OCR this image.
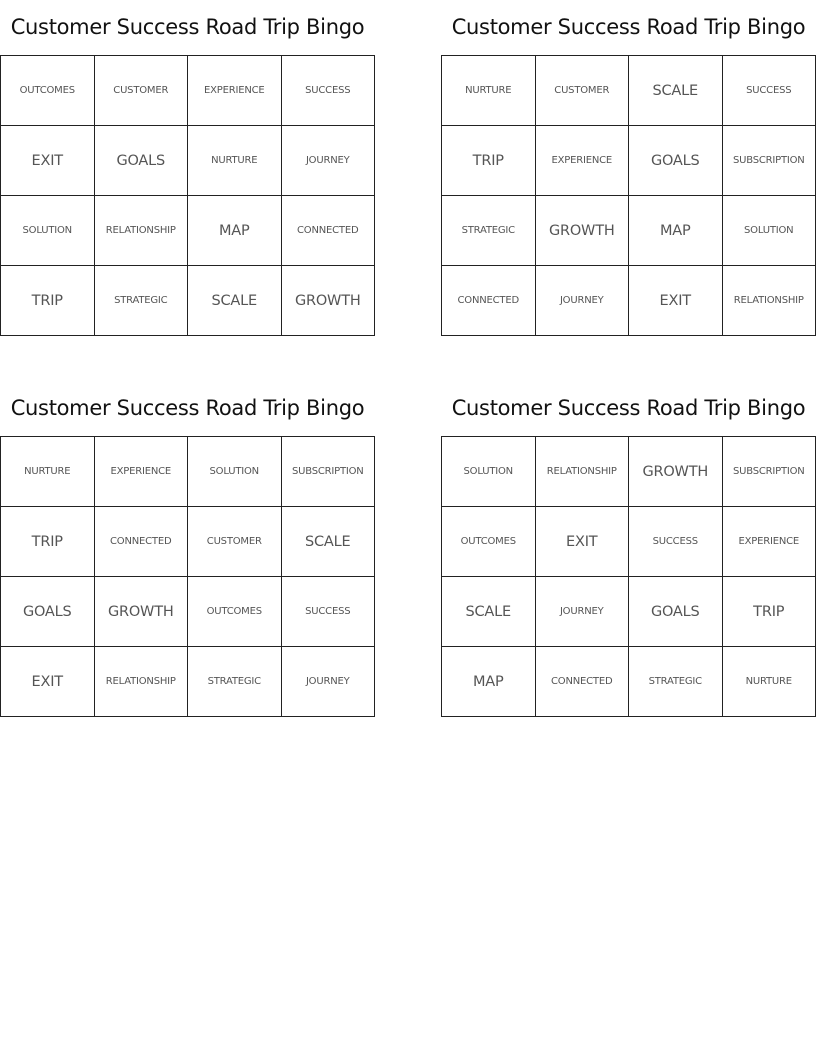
Customer Success Road Trip Bingo
OUTCOMES	CUSTOMER	EXPERIENCE	SUCCESS
EXIT	GOALS	NURTURE	JOURNEY
SOLUTION	RELATIONSHIP	MAP	CONNECTED
TRIP	STRATEGIC	SCALE	GROWTH
Customer Success Road Trip Bingo
NURTURE	CUSTOMER	SCALE	SUCCESS
TRIP	EXPERIENCE	GOALS	SUBSCRIPTION
STRATEGIC	GROWTH	MAP	SOLUTION
CONNECTED	JOURNEY	EXIT	RELATIONSHIP
Customer Success Road Trip Bingo
NURTURE	EXPERIENCE	SOLUTION	SUBSCRIPTION
TRIP	CONNECTED	CUSTOMER	SCALE
GOALS	GROWTH	OUTCOMES	SUCCESS
EXIT	RELATIONSHIP	STRATEGIC	JOURNEY
Customer Success Road Trip Bingo
SOLUTION	RELATIONSHIP	GROWTH	SUBSCRIPTION
OUTCOMES	EXIT	SUCCESS	EXPERIENCE
SCALE	JOURNEY	GOALS	TRIP
MAP	CONNECTED	STRATEGIC	NURTURE
